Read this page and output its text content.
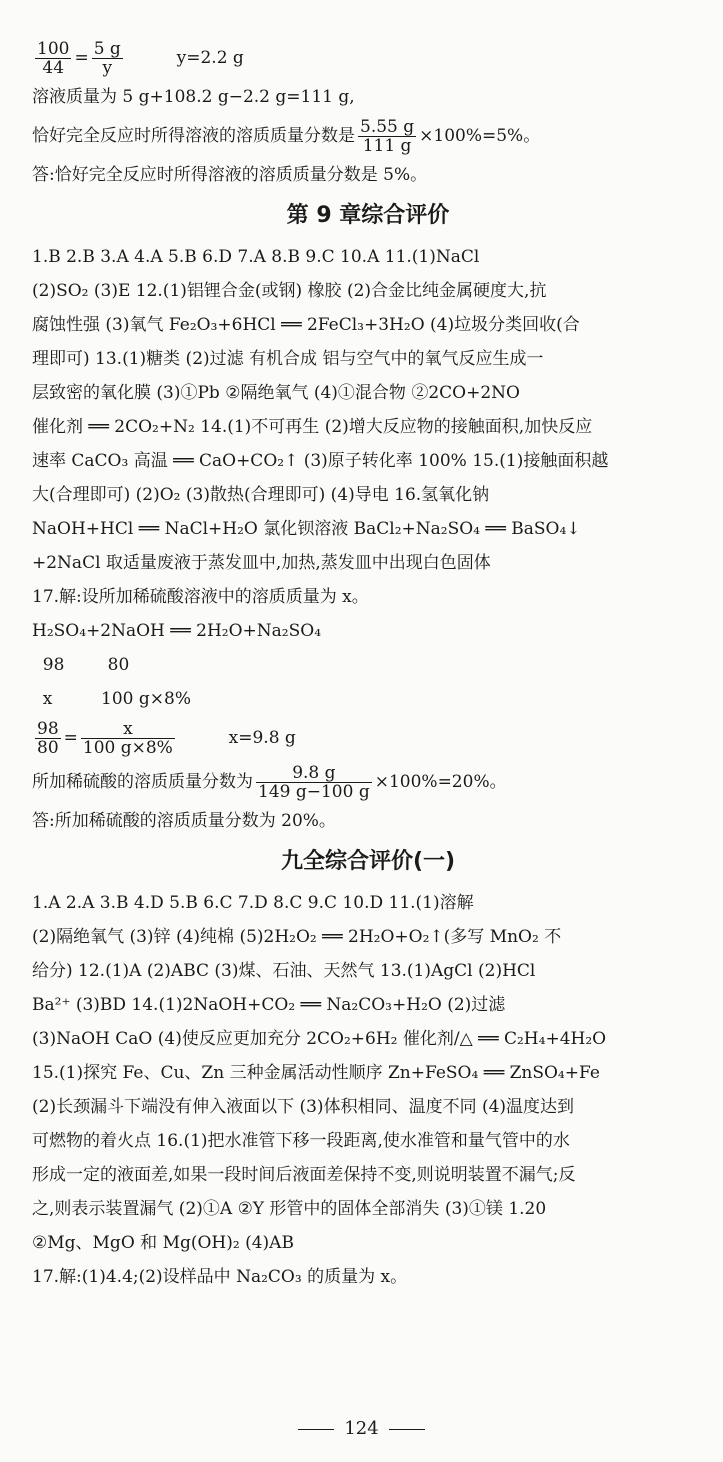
$\frac{100}{44} = \frac{5 g}{y}$	y=2.2 g
溶液质量为 5 g+108.2 g−2.2 g=111 g,
恰好完全反应时所得溶液的溶质质量分数是 $\frac{5.55 g}{111 g} \times 100\%=5\%$。
答:恰好完全反应时所得溶液的溶质质量分数是 5%。
第 9 章综合评价
1.B 2.B 3.A 4.A 5.B 6.D 7.A 8.B 9.C 10.A 11.(1)NaCl
(2)SO₂ (3)E 12.(1)铝锂合金(或钢) 橡胶 (2)合金比纯金属硬度大,抗
腐蚀性强 (3)氧气 Fe₂O₃+6HCl ══ 2FeCl₃+3H₂O (4)垃圾分类回收(合
理即可) 13.(1)糖类 (2)过滤 有机合成 铝与空气中的氧气反应生成一
层致密的氧化膜 (3)①Pb ②隔绝氧气 (4)①混合物 ②2CO+2NO
催化剂 ══ 2CO₂+N₂ 14.(1)不可再生 (2)增大反应物的接触面积,加快反应
速率 CaCO₃ 高温 ══ CaO+CO₂↑ (3)原子转化率 100% 15.(1)接触面积越
大(合理即可) (2)O₂ (3)散热(合理即可) (4)导电 16.氢氧化钠
NaOH+HCl ══ NaCl+H₂O 氯化钡溶液 BaCl₂+Na₂SO₄ ══ BaSO₄↓
+2NaCl 取适量废液于蒸发皿中,加热,蒸发皿中出现白色固体
17.解:设所加稀硫酸溶液中的溶质质量为 x。
H₂SO₄+2NaOH ══ 2H₂O+Na₂SO₄
98        80
x         100 g×8%
$\frac{98}{80} = \frac{x}{100 g\times 8\%}$	x=9.8 g
所加稀硫酸的溶质质量分数为 $\frac{9.8 g}{149 g-100 g} \times 100\%=20\%$。
答:所加稀硫酸的溶质质量分数为 20%。
九全综合评价(一)
1.A 2.A 3.B 4.D 5.B 6.C 7.D 8.C 9.C 10.D 11.(1)溶解
(2)隔绝氧气 (3)锌 (4)纯棉 (5)2H₂O₂ ══ 2H₂O+O₂↑(多写 MnO₂ 不
给分) 12.(1)A (2)ABC (3)煤、石油、天然气 13.(1)AgCl (2)HCl
Ba²⁺ (3)BD 14.(1)2NaOH+CO₂ ══ Na₂CO₃+H₂O (2)过滤
(3)NaOH CaO (4)使反应更加充分 2CO₂+6H₂ 催化剂/△ ══ C₂H₄+4H₂O
15.(1)探究 Fe、Cu、Zn 三种金属活动性顺序 Zn+FeSO₄ ══ ZnSO₄+Fe
(2)长颈漏斗下端没有伸入液面以下 (3)体积相同、温度不同 (4)温度达到
可燃物的着火点 16.(1)把水准管下移一段距离,使水准管和量气管中的水
形成一定的液面差,如果一段时间后液面差保持不变,则说明装置不漏气;反
之,则表示装置漏气 (2)①A ②Y 形管中的固体全部消失 (3)①镁 1.20
②Mg、MgO 和 Mg(OH)₂ (4)AB
17.解:(1)4.4;(2)设样品中 Na₂CO₃ 的质量为 x。
124
